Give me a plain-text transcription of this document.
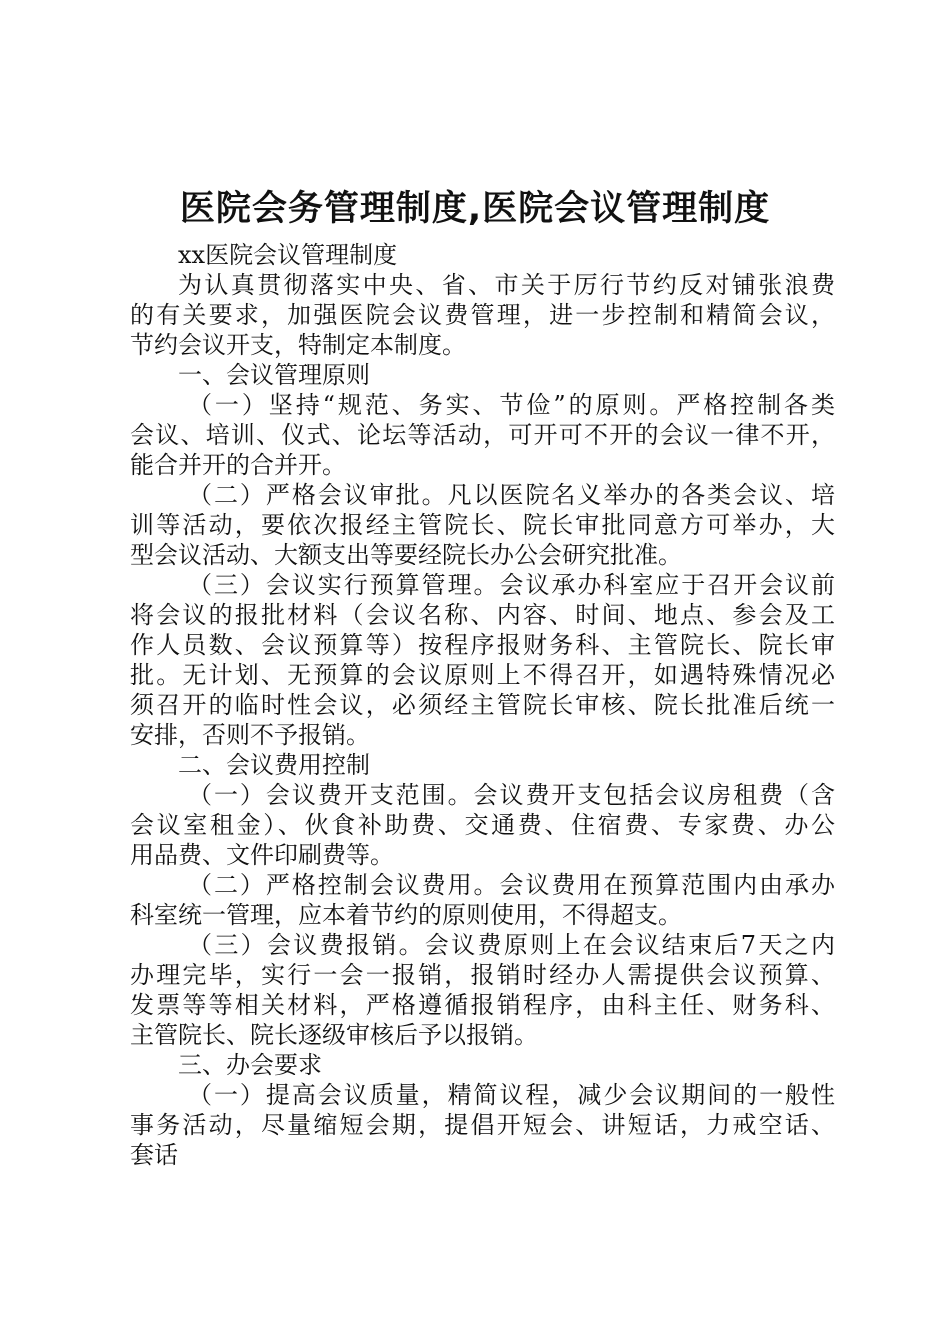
医院会务管理制度,医院会议管理制度
xx医院会议管理制度
为认真贯彻落实中央、省、市关于厉行节约反对铺张浪费
的有关要求，加强医院会议费管理，进一步控制和精简会议，
节约会议开支，特制定本制度。
一、会议管理原则
（一）坚持“规范、务实、节俭”的原则。严格控制各类
会议、培训、仪式、论坛等活动，可开可不开的会议一律不开，
能合并开的合并开。
（二）严格会议审批。凡以医院名义举办的各类会议、培
训等活动，要依次报经主管院长、院长审批同意方可举办，大
型会议活动、大额支出等要经院长办公会研究批准。
（三）会议实行预算管理。会议承办科室应于召开会议前
将会议的报批材料（会议名称、内容、时间、地点、参会及工
作人员数、会议预算等）按程序报财务科、主管院长、院长审
批。无计划、无预算的会议原则上不得召开，如遇特殊情况必
须召开的临时性会议，必须经主管院长审核、院长批准后统一
安排，否则不予报销。
二、会议费用控制
（一）会议费开支范围。会议费开支包括会议房租费（含
会议室租金）、伙食补助费、交通费、住宿费、专家费、办公
用品费、文件印刷费等。
（二）严格控制会议费用。会议费用在预算范围内由承办
科室统一管理，应本着节约的原则使用，不得超支。
（三）会议费报销。会议费原则上在会议结束后7天之内
办理完毕，实行一会一报销，报销时经办人需提供会议预算、
发票等等相关材料，严格遵循报销程序，由科主任、财务科、
主管院长、院长逐级审核后予以报销。
三、办会要求
（一）提高会议质量，精简议程，减少会议期间的一般性
事务活动，尽量缩短会期，提倡开短会、讲短话，力戒空话、
套话
